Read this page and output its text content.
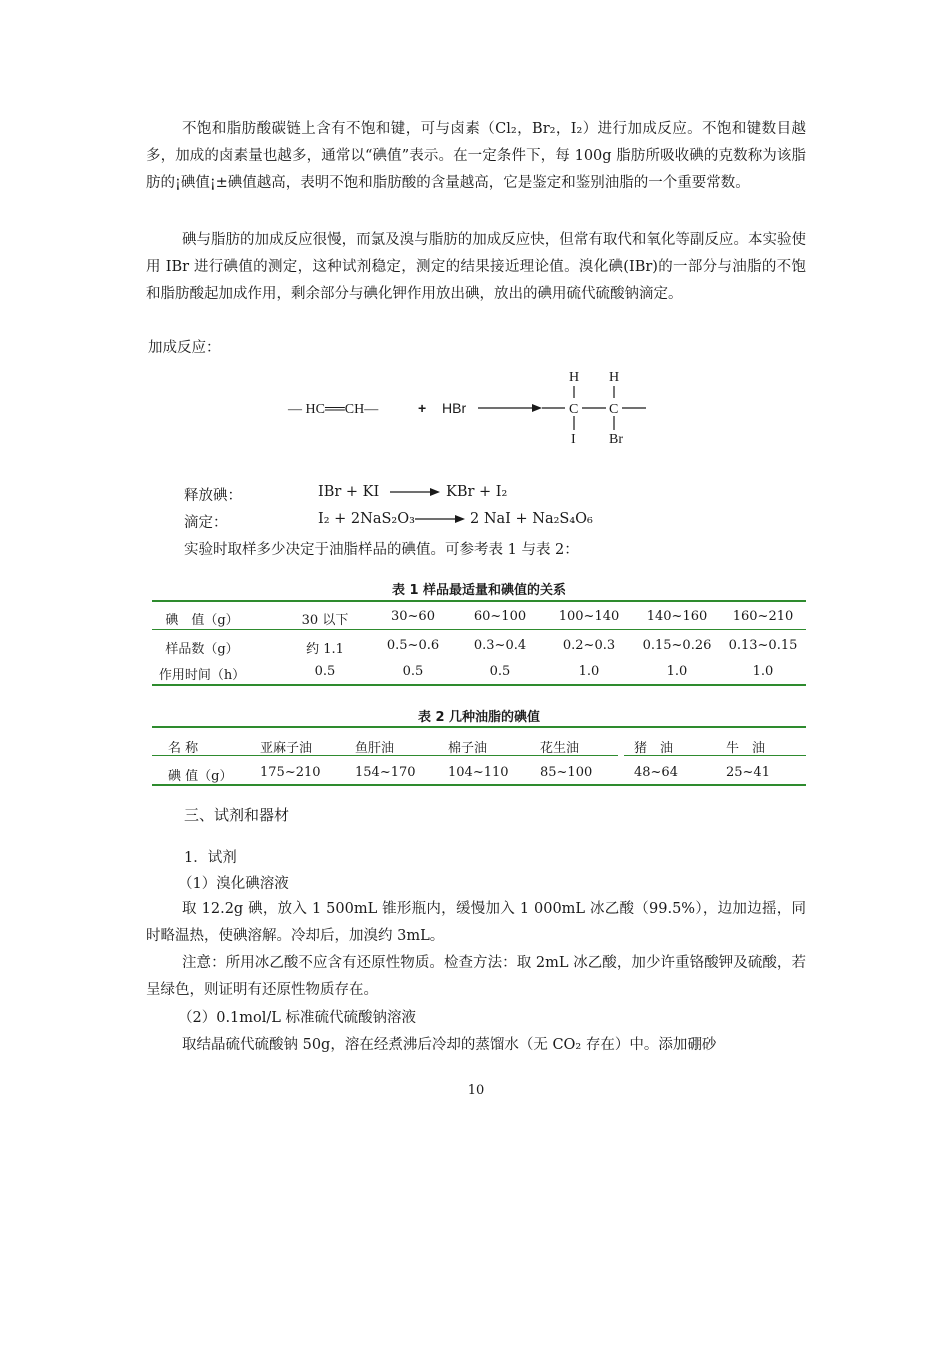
不饱和脂肪酸碳链上含有不饱和键，可与卤素（Cl₂，Br₂，I₂）进行加成反应。不饱和键数目越多，加成的卤素量也越多，通常以“碘值”表示。在一定条件下，每 100g 脂肪所吸收碘的克数称为该脂肪的¡碘值¡±碘值越高，表明不饱和脂肪酸的含量越高，它是鉴定和鉴别油脂的一个重要常数。

碘与脂肪的加成反应很慢，而氯及溴与脂肪的加成反应快，但常有取代和氧化等副反应。本实验使用 IBr 进行碘值的测定，这种试剂稳定，测定的结果接近理论值。溴化碘(IBr)的一部分与油脂的不饱和脂肪酸起加成作用，剩余部分与碘化钾作用放出碘，放出的碘用硫代硫酸钠滴定。

加成反应：
— HC══CH—	+ HBr
H H
C C
I Br
释放碘：	IBr + KI	KBr + I₂
滴定：	I₂ + 2NaS₂O₃	2 NaI + Na₂S₄O₆
实验时取样多少决定于油脂样品的碘值。可参考表 1 与表 2：
表 1 样品最适量和碘值的关系
碘　值（g）	30 以下	30~60	60~100	100~140	140~160	160~210
样品数（g）	约 1.1	0.5~0.6	0.3~0.4	0.2~0.3	0.15~0.26	0.13~0.15
作用时间（h）	0.5	0.5	0.5	1.0	1.0	1.0
表 2 几种油脂的碘值
名 称	亚麻子油	鱼肝油	棉子油	花生油	猪　油	牛　油
碘 值（g） 175~210	154~170 104~110 85~100	48~64	25~41
三、试剂和器材
1．试剂
（1）溴化碘溶液

取 12.2g 碘，放入 1 500mL 锥形瓶内，缓慢加入 1 000mL 冰乙酸（99.5%），边加边摇，同时略温热，使碘溶解。冷却后，加溴约 3mL。

注意：所用冰乙酸不应含有还原性物质。检查方法：取 2mL 冰乙酸，加少许重铬酸钾及硫酸，若呈绿色，则证明有还原性物质存在。

（2）0.1mol/L 标准硫代硫酸钠溶液

取结晶硫代硫酸钠 50g，溶在经煮沸后冷却的蒸馏水（无 CO₂ 存在）中。添加硼砂

10
